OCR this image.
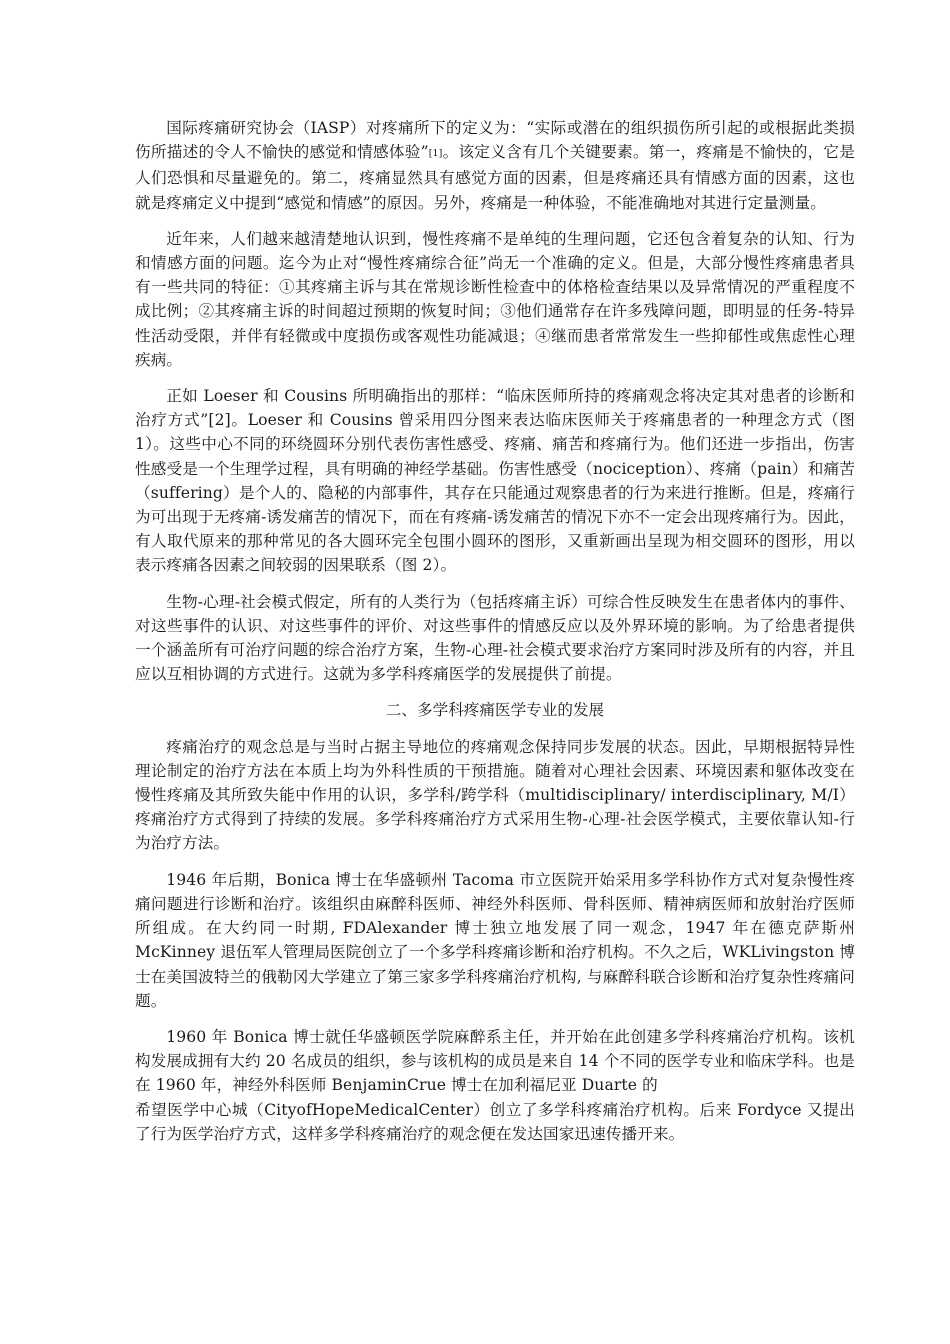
国际疼痛研究协会（IASP）对疼痛所下的定义为：“实际或潜在的组织损伤所引起的或根据此类损伤所描述的令人不愉快的感觉和情感体验”[1]。该定义含有几个关键要素。第一，疼痛是不愉快的，它是人们恐惧和尽量避免的。第二，疼痛显然具有感觉方面的因素，但是疼痛还具有情感方面的因素，这也就是疼痛定义中提到“感觉和情感”的原因。另外，疼痛是一种体验，不能准确地对其进行定量测量。

近年来，人们越来越清楚地认识到，慢性疼痛不是单纯的生理问题，它还包含着复杂的认知、行为和情感方面的问题。迄今为止对“慢性疼痛综合征”尚无一个准确的定义。但是，大部分慢性疼痛患者具有一些共同的特征：①其疼痛主诉与其在常规诊断性检查中的体格检查结果以及异常情况的严重程度不成比例；②其疼痛主诉的时间超过预期的恢复时间；③他们通常存在许多残障问题，即明显的任务-特异性活动受限，并伴有轻微或中度损伤或客观性功能减退；④继而患者常常发生一些抑郁性或焦虑性心理疾病。

正如 Loeser 和 Cousins 所明确指出的那样：“临床医师所持的疼痛观念将决定其对患者的诊断和治疗方式”[2]。Loeser 和 Cousins 曾采用四分图来表达临床医师关于疼痛患者的一种理念方式（图 1）。这些中心不同的环绕圆环分别代表伤害性感受、疼痛、痛苦和疼痛行为。他们还进一步指出，伤害性感受是一个生理学过程，具有明确的神经学基础。伤害性感受（nociception）、疼痛（pain）和痛苦（suffering）是个人的、隐秘的内部事件，其存在只能通过观察患者的行为来进行推断。但是，疼痛行为可出现于无疼痛-诱发痛苦的情况下，而在有疼痛-诱发痛苦的情况下亦不一定会出现疼痛行为。因此，有人取代原来的那种常见的各大圆环完全包围小圆环的图形，又重新画出呈现为相交圆环的图形，用以表示疼痛各因素之间较弱的因果联系（图 2）。

生物-心理-社会模式假定，所有的人类行为（包括疼痛主诉）可综合性反映发生在患者体内的事件、对这些事件的认识、对这些事件的评价、对这些事件的情感反应以及外界环境的影响。为了给患者提供一个涵盖所有可治疗问题的综合治疗方案，生物-心理-社会模式要求治疗方案同时涉及所有的内容，并且应以互相协调的方式进行。这就为多学科疼痛医学的发展提供了前提。

二、多学科疼痛医学专业的发展

疼痛治疗的观念总是与当时占据主导地位的疼痛观念保持同步发展的状态。因此，早期根据特异性理论制定的治疗方法在本质上均为外科性质的干预措施。随着对心理社会因素、环境因素和躯体改变在慢性疼痛及其所致失能中作用的认识，多学科/跨学科（multidisciplinary/ interdisciplinary, M/I）疼痛治疗方式得到了持续的发展。多学科疼痛治疗方式采用生物-心理-社会医学模式，主要依靠认知-行为治疗方法。

1946 年后期，Bonica 博士在华盛顿州 Tacoma 市立医院开始采用多学科协作方式对复杂慢性疼痛问题进行诊断和治疗。该组织由麻醉科医师、神经外科医师、骨科医师、精神病医师和放射治疗医师所组成。在大约同一时期, FDAlexander 博士独立地发展了同一观念，1947 年在德克萨斯州 McKinney 退伍军人管理局医院创立了一个多学科疼痛诊断和治疗机构。不久之后，WKLivingston 博士在美国波特兰的俄勒冈大学建立了第三家多学科疼痛治疗机构, 与麻醉科联合诊断和治疗复杂性疼痛问题。

1960 年 Bonica 博士就任华盛顿医学院麻醉系主任，并开始在此创建多学科疼痛治疗机构。该机构发展成拥有大约 20 名成员的组织，参与该机构的成员是来自 14 个不同的医学专业和临床学科。也是在 1960 年，神经外科医师 BenjaminCrue 博士在加利福尼亚 Duarte 的
希望医学中心城（CityofHopeMedicalCenter）创立了多学科疼痛治疗机构。后来 Fordyce 又提出了行为医学治疗方式，这样多学科疼痛治疗的观念便在发达国家迅速传播开来。
